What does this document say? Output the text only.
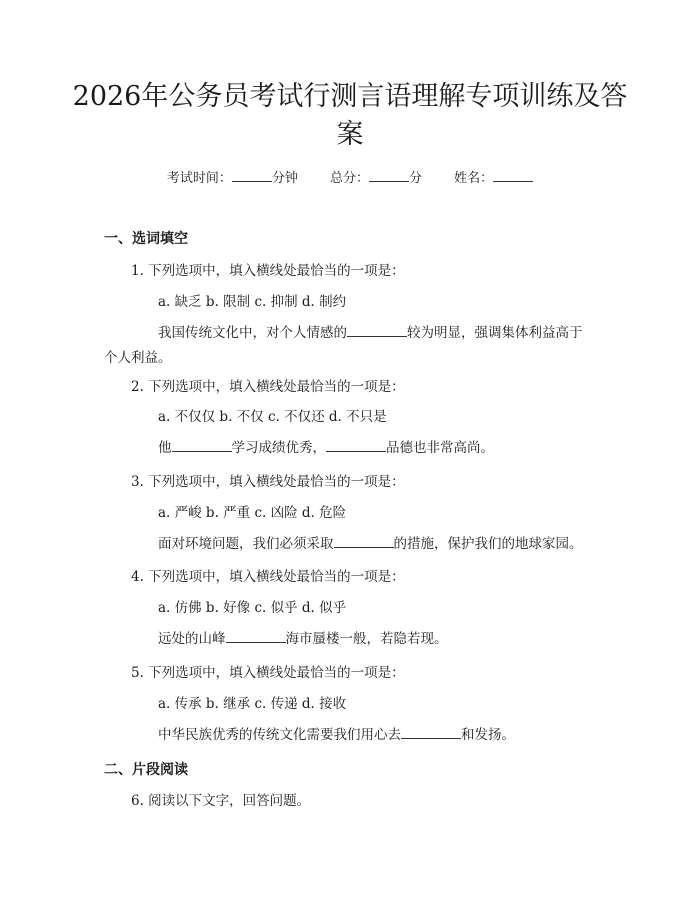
2026年公务员考试行测言语理解专项训练及答案
考试时间：	分钟 总分：	分 姓名：
一、选词填空
1. 下列选项中，填入横线处最恰当的一项是：
a. 缺乏 b. 限制 c. 抑制 d. 制约
我国传统文化中，对个人情感的	较为明显，强调集体利益高于个人利益。
2. 下列选项中，填入横线处最恰当的一项是：
a. 不仅仅 b. 不仅 c. 不仅还 d. 不只是
他	学习成绩优秀，	品德也非常高尚。
3. 下列选项中，填入横线处最恰当的一项是：
a. 严峻 b. 严重 c. 凶险 d. 危险
面对环境问题，我们必须采取	的措施，保护我们的地球家园。
4. 下列选项中，填入横线处最恰当的一项是：
a. 仿佛 b. 好像 c. 似乎 d. 似乎
远处的山峰	海市蜃楼一般，若隐若现。
5. 下列选项中，填入横线处最恰当的一项是：
a. 传承 b. 继承 c. 传递 d. 接收
中华民族优秀的传统文化需要我们用心去	和发扬。
二、片段阅读
6. 阅读以下文字，回答问题。
